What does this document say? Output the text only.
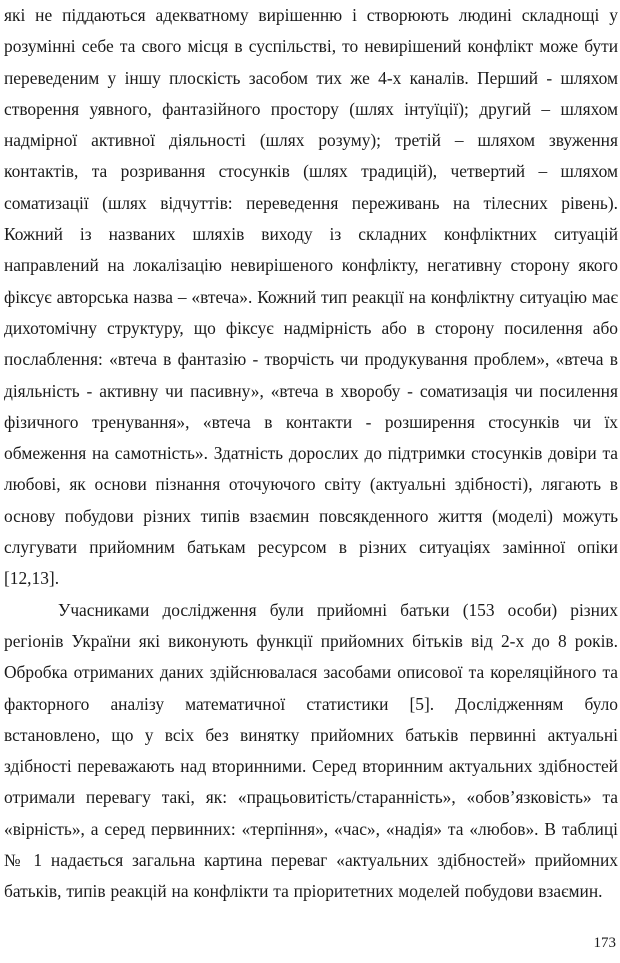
які не піддаються адекватному вирішенню і створюють людині складнощі у розумінні себе та свого місця в суспільстві, то невирішений конфлікт може бути переведеним у іншу плоскість засобом тих же 4-х каналів. Перший - шляхом створення уявного, фантазійного простору (шлях інтуїції); другий – шляхом надмірної активної діяльності (шлях розуму); третій – шляхом звуження контактів, та розривання стосунків (шлях традицій), четвертий – шляхом соматизації (шлях відчуттів: переведення переживань на тілесних рівень). Кожний із названих шляхів виходу із складних конфліктних ситуацій направлений на локалізацію невирішеного конфлікту, негативну сторону якого фіксує авторська назва – «втеча». Кожний тип реакції на конфліктну ситуацію має дихотомічну структуру, що фіксує надмірність або в сторону посилення або послаблення: «втеча в фантазію - творчість чи продукування проблем», «втеча в діяльність - активну чи пасивну», «втеча в хворобу - соматизація чи посилення фізичного тренування», «втеча в контакти - розширення стосунків чи їх обмеження на самотність». Здатність дорослих до підтримки стосунків довіри та любові, як основи пізнання оточуючого світу (актуальні здібності), лягають в основу побудови різних типів взаємин повсякденного життя (моделі) можуть слугувати прийомним батькам ресурсом в різних ситуаціях замінної опіки [12,13].

Учасниками дослідження були прийомні батьки (153 особи) різних регіонів України які виконують функції прийомних бітьків від 2-х до 8 років. Обробка отриманих даних здійснювалася засобами описової та кореляційного та факторного аналізу математичної статистики [5]. Дослідженням було встановлено, що у всіх без винятку прийомних батьків первинні актуальні здібності переважають над вторинними. Серед вторинним актуальних здібностей отримали перевагу такі, як: «працьовитість/старанність», «обов’язковість» та «вірність», а серед первинних: «терпіння», «час», «надія» та «любов». В таблиці № 1 надається загальна картина переваг «актуальних здібностей» прийомних батьків, типів реакцій на конфлікти та пріоритетних моделей побудови взаємин.

173
